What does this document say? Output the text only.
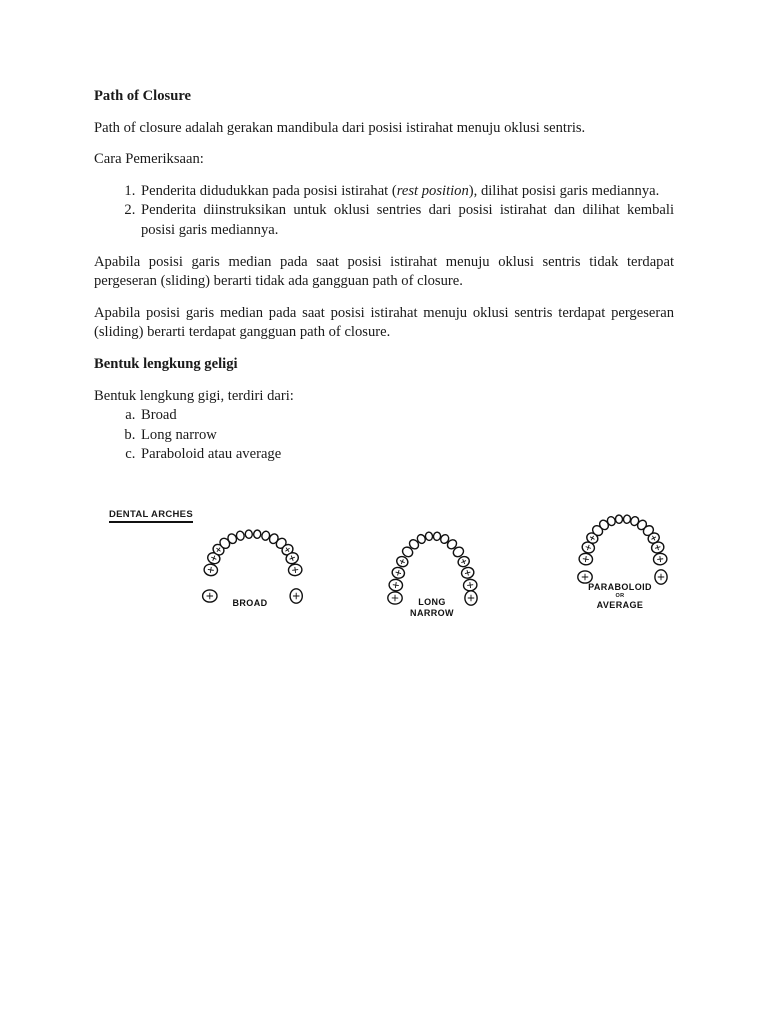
Path of Closure

Path of closure adalah gerakan mandibula dari posisi istirahat menuju oklusi sentris.

Cara Pemeriksaan:

1. Penderita didudukkan pada posisi istirahat (rest position), dilihat posisi garis mediannya.
2. Penderita diinstruksikan untuk oklusi sentries dari posisi istirahat dan dilihat kembali posisi garis mediannya.

Apabila posisi garis median pada saat posisi istirahat menuju oklusi sentris tidak terdapat pergeseran (sliding) berarti tidak ada gangguan path of closure.

Apabila posisi garis median pada saat posisi istirahat menuju oklusi sentris terdapat pergeseran (sliding) berarti terdapat gangguan path of closure.

Bentuk lengkung geligi

Bentuk lengkung gigi, terdiri dari:

a. Broad
b. Long narrow
c. Paraboloid atau average
DENTAL ARCHES
BROAD	LONG
NARROW
PARABOLOID
OR
AVERAGE
